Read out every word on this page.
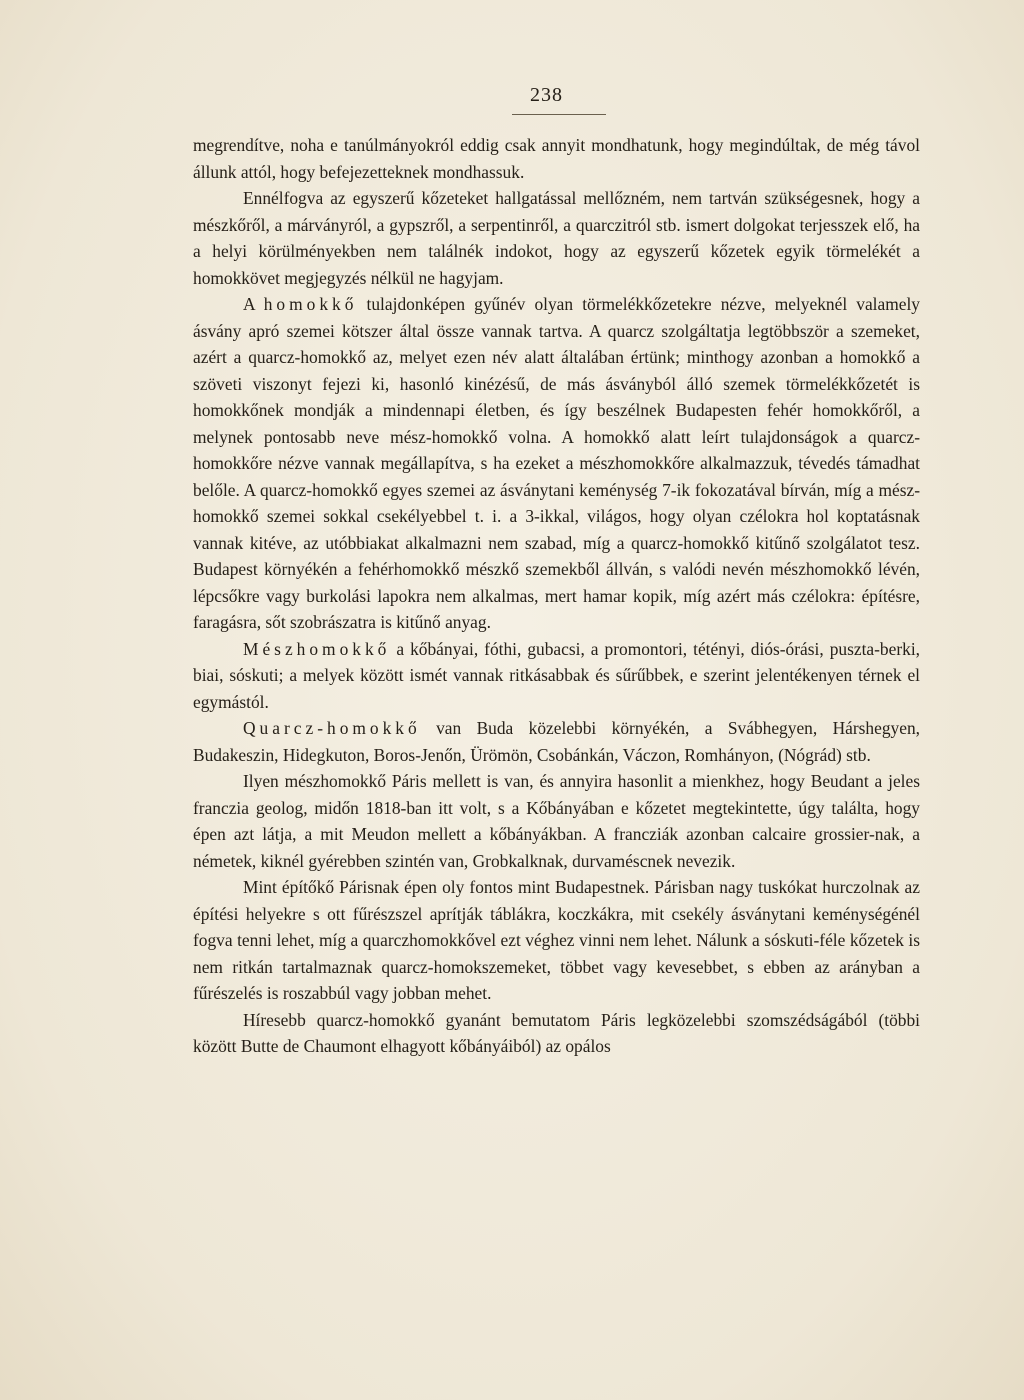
238

megrendítve, noha e tanúlmányokról eddig csak annyit mondhatunk, hogy megindúltak, de még távol állunk attól, hogy befejezetteknek mondhassuk.

Ennélfogva az egyszerű kőzeteket hallgatással mellőzném, nem tartván szükségesnek, hogy a mészkőről, a márványról, a gypszről, a serpentinről, a quarczitról stb. ismert dolgokat terjesszek elő, ha a helyi körülményekben nem találnék indokot, hogy az egyszerű kőzetek egyik törmelékét a homokkövet megjegyzés nélkül ne hagyjam.

A homokkő tulajdonképen gyűnév olyan törmelékkőzetekre nézve, melyeknél valamely ásvány apró szemei kötszer által össze vannak tartva. A quarcz szolgáltatja legtöbbször a szemeket, azért a quarcz-homokkő az, melyet ezen név alatt általában értünk; minthogy azonban a homokkő a szöveti viszonyt fejezi ki, hasonló kinézésű, de más ásványból álló szemek törmelékkőzetét is homokkőnek mondják a mindennapi életben, és így beszélnek Budapesten fehér homokkőről, a melynek pontosabb neve mész-homokkő volna. A homokkő alatt leírt tulajdonságok a quarcz-homokkőre nézve vannak megállapítva, s ha ezeket a mészhomokkőre alkalmazzuk, tévedés támadhat belőle. A quarcz-homokkő egyes szemei az ásványtani keménység 7-ik fokozatával bírván, míg a mész-homokkő szemei sokkal csekélyebbel t. i. a 3-ikkal, világos, hogy olyan czélokra hol koptatásnak vannak kitéve, az utóbbiakat alkalmazni nem szabad, míg a quarcz-homokkő kitűnő szolgálatot tesz. Budapest környékén a fehérhomokkő mészkő szemekből állván, s valódi nevén mészhomokkő lévén, lépcsőkre vagy burkolási lapokra nem alkalmas, mert hamar kopik, míg azért más czélokra: építésre, faragásra, sőt szobrászatra is kitűnő anyag.

Mészhomokkő a kőbányai, fóthi, gubacsi, a promontori, tétényi, diós-órási, puszta-berki, biai, sóskuti; a melyek között ismét vannak ritkásabbak és sűrűbbek, e szerint jelentékenyen térnek el egymástól.

Quarcz-homokkő van Buda közelebbi környékén, a Svábhegyen, Hárshegyen, Budakeszin, Hidegkuton, Boros-Jenőn, Ürömön, Csobánkán, Váczon, Romhányon, (Nógrád) stb.

Ilyen mészhomokkő Páris mellett is van, és annyira hasonlit a mienkhez, hogy Beudant a jeles franczia geolog, midőn 1818-ban itt volt, s a Kőbányában e kőzetet megtekintette, úgy találta, hogy épen azt látja, a mit Meudon mellett a kőbányákban. A francziák azonban calcaire grossier-nak, a németek, kiknél gyérebben szintén van, Grobkalknak, durvaméscnek nevezik.

Mint építőkő Párisnak épen oly fontos mint Budapestnek. Párisban nagy tuskókat hurczolnak az építési helyekre s ott fűrészszel aprítják táblákra, koczkákra, mit csekély ásványtani keménységénél fogva tenni lehet, míg a quarczhomokkővel ezt véghez vinni nem lehet. Nálunk a sóskuti-féle kőzetek is nem ritkán tartalmaznak quarcz-homokszemeket, többet vagy kevesebbet, s ebben az arányban a fűrészelés is roszabbúl vagy jobban mehet.

Híresebb quarcz-homokkő gyanánt bemutatom Páris legközelebbi szomszédságából (többi között Butte de Chaumont elhagyott kőbányáiból) az opálos
